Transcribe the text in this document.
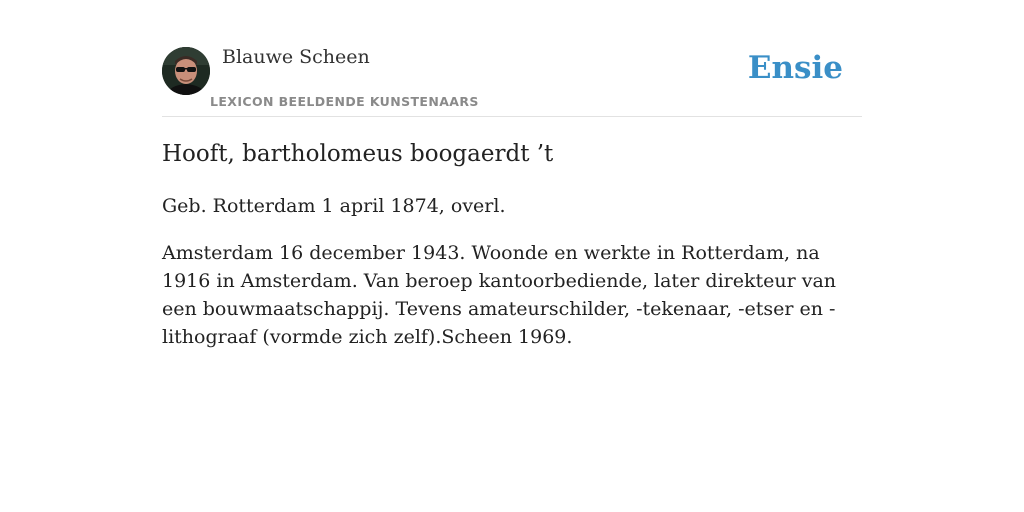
Blauwe Scheen
LEXICON BEELDENDE KUNSTENAARS
Ensie
Hooft, bartholomeus boogaerdt ’t

Geb. Rotterdam 1 april 1874, overl.

Amsterdam 16 december 1943. Woonde en werkte in Rotterdam, na 1916 in Amsterdam. Van beroep kantoorbediende, later direkteur van een bouwmaatschappij. Tevens amateurschilder, -tekenaar, -etser en -lithograaf (vormde zich zelf).Scheen 1969.
